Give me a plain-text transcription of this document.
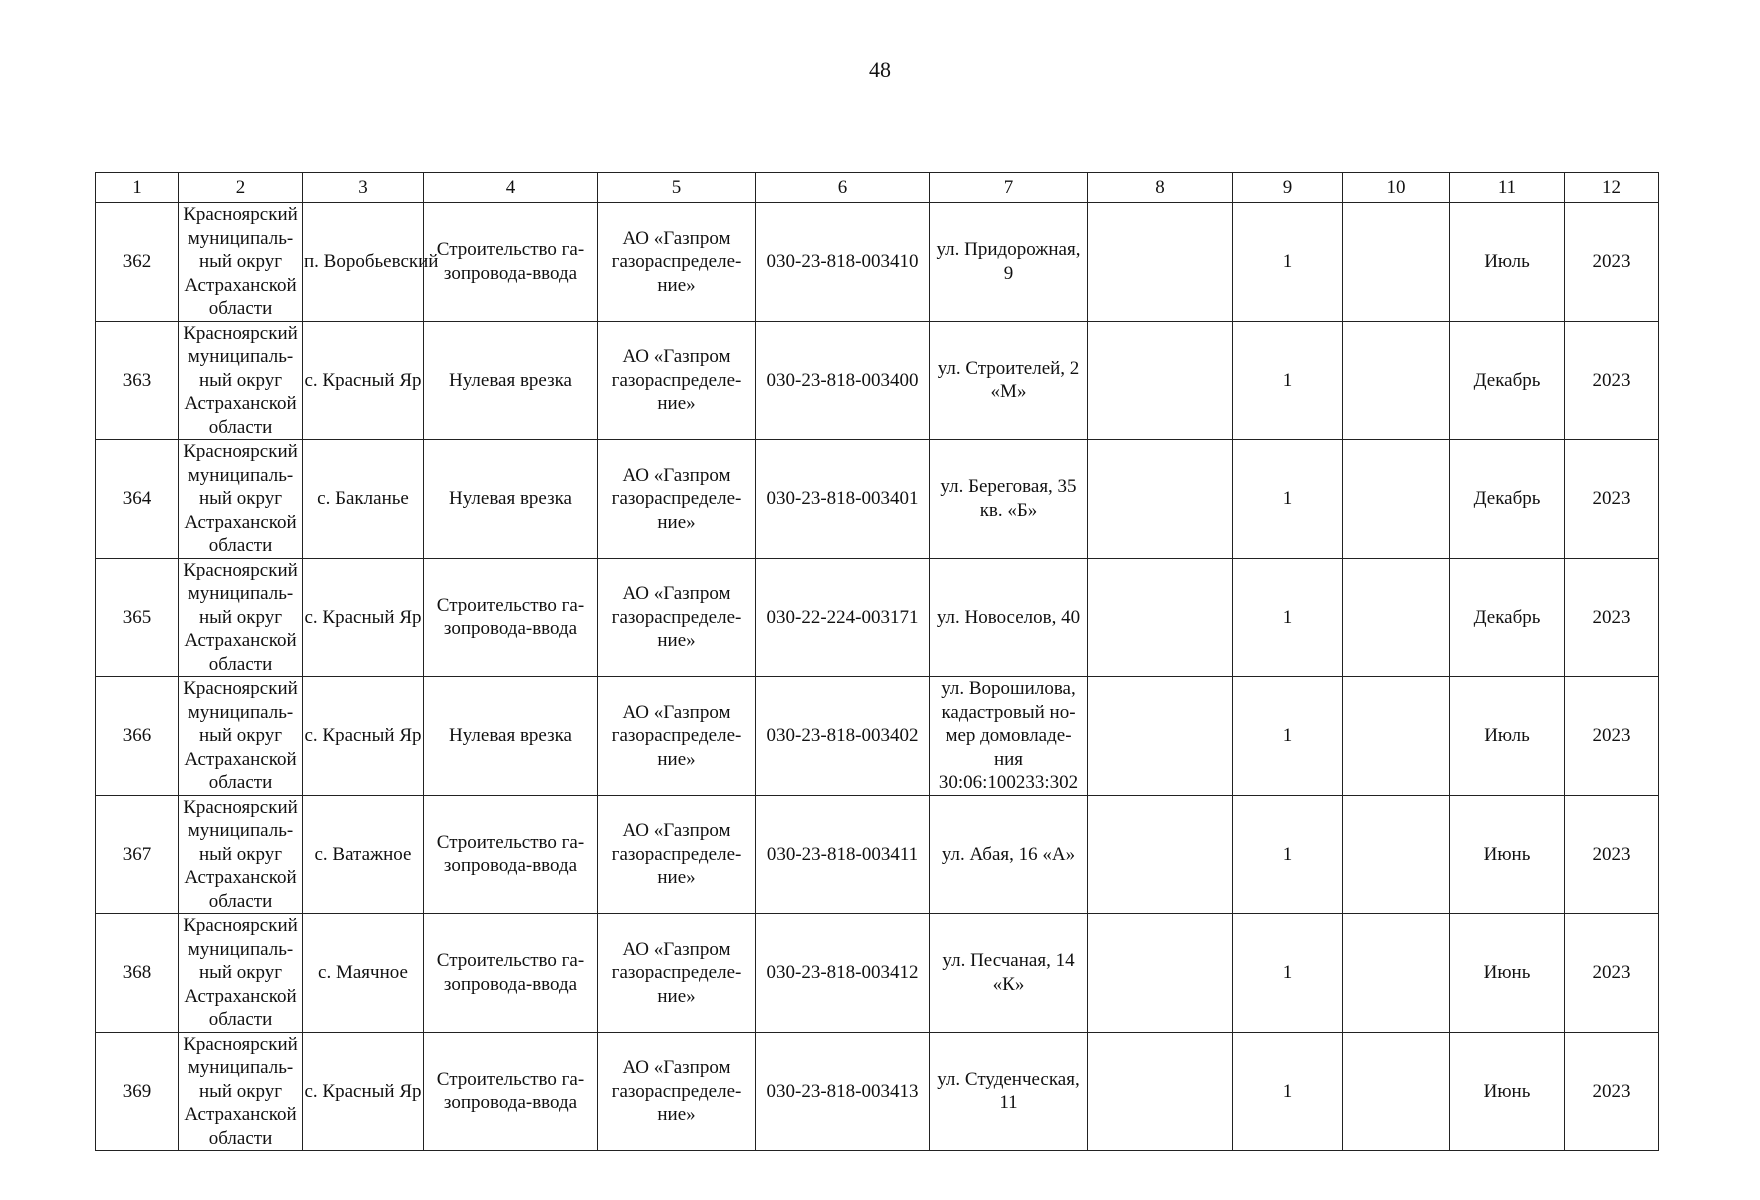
48
1	2	3	4	5	6	7	8	9	10	11	12
362	Красноярский муниципаль-ный округ Астраханской области	п. Воробьевский	Строительство га-зопровода-ввода	АО «Газпром газораспределе-ние»	030-23-818-003410	ул. Придорожная, 9		1		Июль	2023
363	Красноярский муниципаль-ный округ Астраханской области	с. Красный Яр	Нулевая врезка	АО «Газпром газораспределе-ние»	030-23-818-003400	ул. Строителей, 2 «М»		1		Декабрь	2023
364	Красноярский муниципаль-ный округ Астраханской области	с. Бакланье	Нулевая врезка	АО «Газпром газораспределе-ние»	030-23-818-003401	ул. Береговая, 35 кв. «Б»		1		Декабрь	2023
365	Красноярский муниципаль-ный округ Астраханской области	с. Красный Яр	Строительство га-зопровода-ввода	АО «Газпром газораспределе-ние»	030-22-224-003171	ул. Новоселов, 40		1		Декабрь	2023
366	Красноярский муниципаль-ный округ Астраханской области	с. Красный Яр	Нулевая врезка	АО «Газпром газораспределе-ние»	030-23-818-003402	ул. Ворошилова, кадастровый но-мер домовладе-ния 30:06:100233:302		1		Июль	2023
367	Красноярский муниципаль-ный округ Астраханской области	с. Ватажное	Строительство га-зопровода-ввода	АО «Газпром газораспределе-ние»	030-23-818-003411	ул. Абая, 16 «А»		1		Июнь	2023
368	Красноярский муниципаль-ный округ Астраханской области	с. Маячное	Строительство га-зопровода-ввода	АО «Газпром газораспределе-ние»	030-23-818-003412	ул. Песчаная, 14 «К»		1		Июнь	2023
369	Красноярский муниципаль-ный округ Астраханской области	с. Красный Яр	Строительство га-зопровода-ввода	АО «Газпром газораспределе-ние»	030-23-818-003413	ул. Студенческая, 11		1		Июнь	2023
